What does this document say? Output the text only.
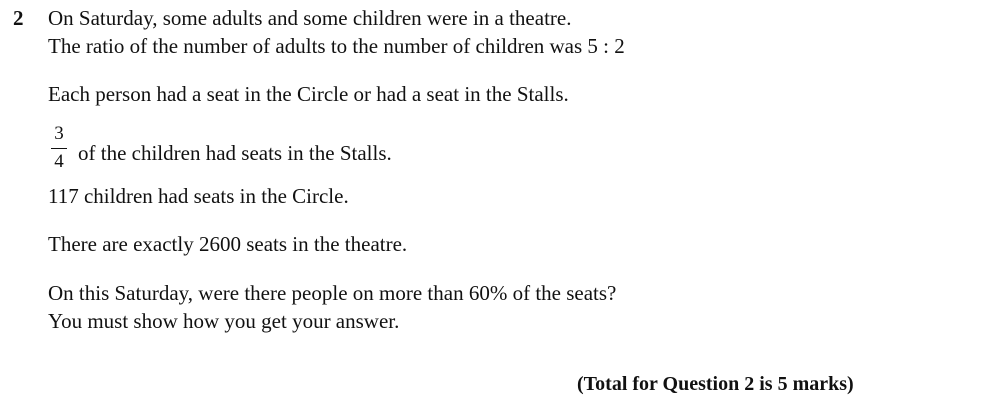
2 On Saturday, some adults and some children were in a theatre.
The ratio of the number of adults to the number of children was 5 : 2
Each person had a seat in the Circle or had a seat in the Stalls.
3
4 of the children had seats in the Stalls.
117 children had seats in the Circle.
There are exactly 2600 seats in the theatre.
On this Saturday, were there people on more than 60% of the seats?
You must show how you get your answer.
(Total for Question 2 is 5 marks)
